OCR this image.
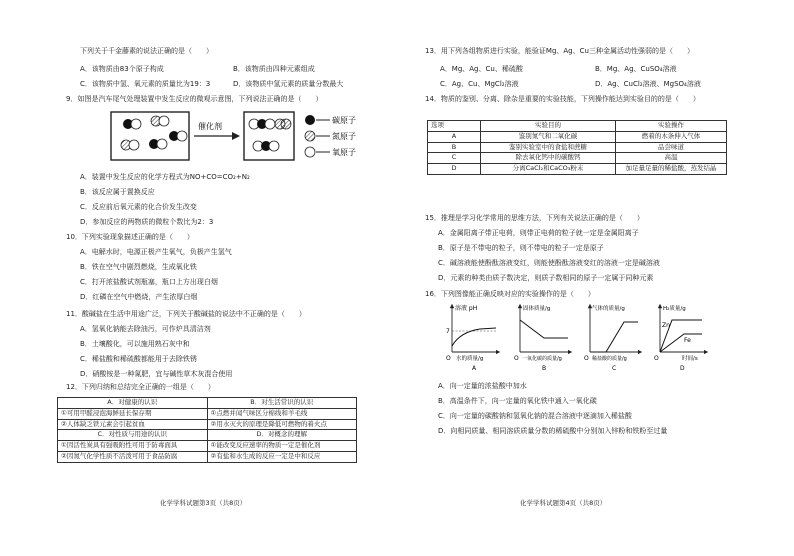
下列关于千金藤素的说法正确的是（　　）
A．该物质由83个原子构成	B．该物质由四种元素组成
C．该物质中氢、氧元素的质量比为19：3	D．该物质中氢元素的质量分数最大
9．如图是汽车尾气处理装置中发生反应的微观示意图，下列说法正确的是（　　）
催化剂
碳原子
氮原子
氧原子
A．装置中发生反应的化学方程式为NO+CO=CO₂+N₂
B．该反应属于置换反应
C．反应前后氧元素的化合价发生改变
D．参加反应的两物质的微粒个数比为2：3
10．下列实验现象描述正确的是（　　）
A．电解水时，电源正极产生氧气，负极产生氢气
B．铁在空气中剧烈燃烧，生成氧化铁
C．打开浓盐酸试剂瓶塞，瓶口上方出现白烟
D．红磷在空气中燃烧，产生浓厚白烟
11．酸碱盐在生活中用途广泛，下列关于酸碱盐的说法中不正确的是（　　）
A．氢氧化钠能去除油污，可作炉具清洁剂
B．土壤酸化，可以施用熟石灰中和
C．稀盐酸和稀硫酸都能用于去除铁锈
D．硝酸铵是一种氮肥，宜与碱性草木灰混合使用
12．下列归纳和总结完全正确的一组是（　　）
A．对健康的认识	B．对生活常识的认识
①可用甲醛浸泡海鲜延长保存期	①点燃并闻气味区分棉线和羊毛线
②人体缺乏铁元素会引起贫血	②用水灭火的原理是降低可燃物的着火点
C．对性质与用途的认识	D．对概念的理解
①因活性炭具有强吸附性可用于防毒面具	①能改变反应速率的物质一定是催化剂
②因氮气化学性质不活泼可用于食品防腐	②有盐和水生成的反应一定是中和反应
化学学科试题第3页（共8页）
13．用下列各组物质进行实验，能验证Mg、Ag、Cu三种金属活动性强弱的是（　　）
A．Mg、Ag、Cu、稀硫酸	B．Mg、Ag、CuSO₄溶液
C．Ag、Cu、MgCl₂溶液	D．Ag、CuCl₂溶液、MgSO₄溶液
14．物质的鉴别、分离、除杂是重要的实验技能，下列操作能达到实验目的的是（　　）
选项	实验目的	实验操作
A	鉴别氮气和二氧化碳	燃着的木条伸入气体
B	鉴别实验室中的食盐和蔗糖	品尝味道
C	除去氧化钙中的碳酸钙	高温
D	分离CaCl₂和CaCO₃粉末	加足量足量的稀盐酸，蒸发结晶
15．推理是学习化学常用的思维方法，下列有关说法正确的是（　　）
A．金属阳离子带正电荷，则带正电荷的粒子就一定是金属阳离子
B．原子是不带电的粒子，则不带电的粒子一定是原子
C．碱溶液能使酚酞溶液变红，则能使酚酞溶液变红的溶液一定是碱溶液
D．元素的种类由质子数决定，则质子数相同的原子一定属于同种元素
16．下列图像能正确反映对应的实验操作的是（　　）
溶液 pH
7
O 水的质量/g
A
固体质量/g
O 一氧化碳的质量/g
B
气体的质量/g
O 稀盐酸的质量/g
C
H₂质量/g
Zn
Fe
O	时间/s
D
A．向一定量的浓盐酸中加水
B．高温条件下，向一定量的氧化铁中通入一氧化碳
C．向一定量的碳酸钠和氢氧化钠的混合溶液中逐滴加入稀盐酸
D．向相同质量、相同溶质质量分数的稀硫酸中分别加入锌粉和铁粉至过量
化学学科试题第4页（共8页）
